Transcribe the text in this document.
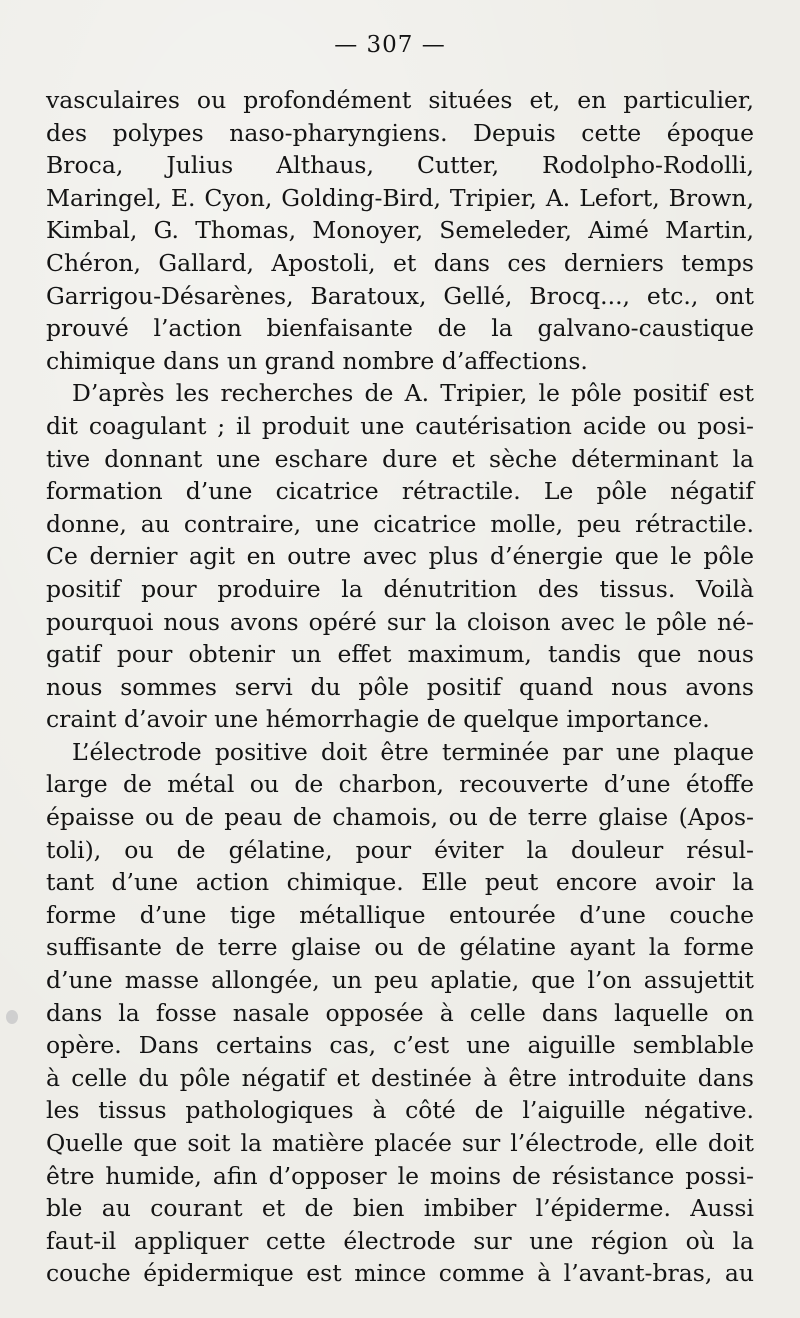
— 307 —
vasculaires ou profondément situées et, en particulier,
des polypes naso-pharyngiens. Depuis cette époque
Broca, Julius Althaus, Cutter, Rodolpho-Rodolli,
Maringel, E. Cyon, Golding-Bird, Tripier, A. Lefort, Brown,
Kimbal, G. Thomas, Monoyer, Semeleder, Aimé Martin,
Chéron, Gallard, Apostoli, et dans ces derniers temps
Garrigou-Désarènes, Baratoux, Gellé, Brocq..., etc., ont
prouvé l’action bienfaisante de la galvano-caustique
chimique dans un grand nombre d’affections.
D’après les recherches de A. Tripier, le pôle positif est
dit coagulant ; il produit une cautérisation acide ou posi-
tive donnant une eschare dure et sèche déterminant la
formation d’une cicatrice rétractile. Le pôle négatif
donne, au contraire, une cicatrice molle, peu rétractile.
Ce dernier agit en outre avec plus d’énergie que le pôle
positif pour produire la dénutrition des tissus. Voilà
pourquoi nous avons opéré sur la cloison avec le pôle né-
gatif pour obtenir un effet maximum, tandis que nous
nous sommes servi du pôle positif quand nous avons
craint d’avoir une hémorrhagie de quelque importance.
L’électrode positive doit être terminée par une plaque
large de métal ou de charbon, recouverte d’une étoffe
épaisse ou de peau de chamois, ou de terre glaise (Apos-
toli), ou de gélatine, pour éviter la douleur résul-
tant d’une action chimique. Elle peut encore avoir la
forme d’une tige métallique entourée d’une couche
suffisante de terre glaise ou de gélatine ayant la forme
d’une masse allongée, un peu aplatie, que l’on assujettit
dans la fosse nasale opposée à celle dans laquelle on
opère. Dans certains cas, c’est une aiguille semblable
à celle du pôle négatif et destinée à être introduite dans
les tissus pathologiques à côté de l’aiguille négative.
Quelle que soit la matière placée sur l’électrode, elle doit
être humide, afin d’opposer le moins de résistance possi-
ble au courant et de bien imbiber l’épiderme. Aussi
faut-il appliquer cette électrode sur une région où la
couche épidermique est mince comme à l’avant-bras, au
